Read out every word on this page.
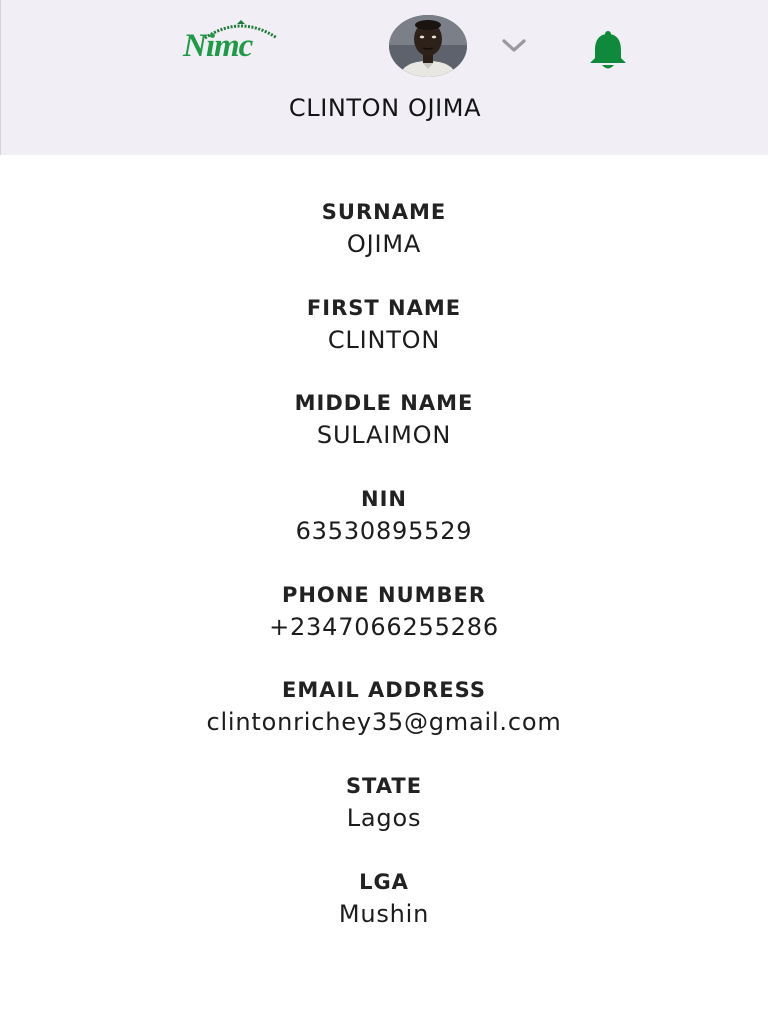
Nimc
CLINTON OJIMA
SURNAME
OJIMA
FIRST NAME
CLINTON
MIDDLE NAME
SULAIMON
NIN
63530895529
PHONE NUMBER
+2347066255286
EMAIL ADDRESS
clintonrichey35@gmail.com
STATE
Lagos
LGA
Mushin
